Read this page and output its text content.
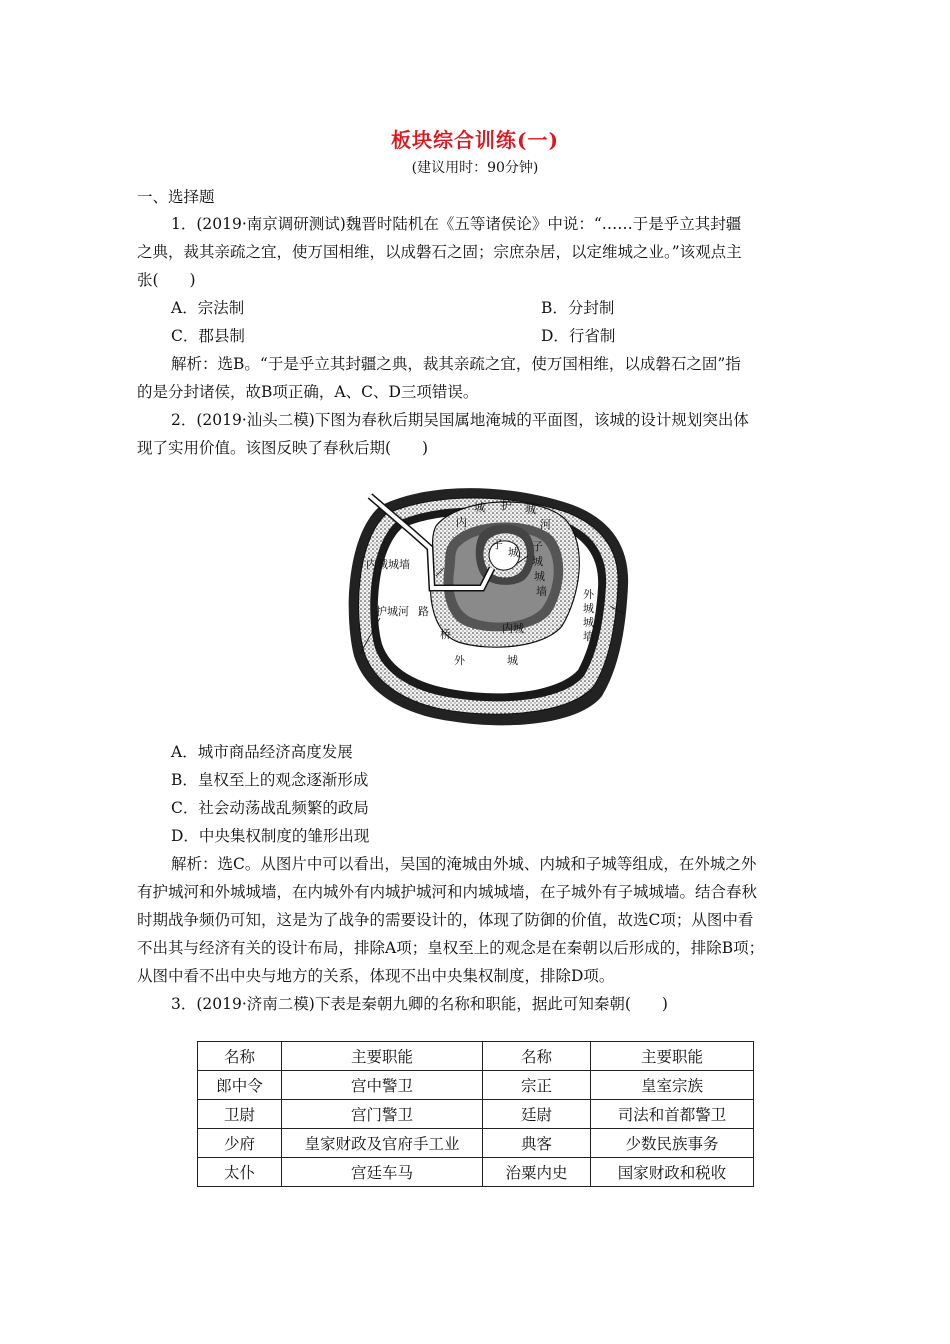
板块综合训练(一)
(建议用时：90分钟)
一、选择题
1．(2019·南京调研测试)魏晋时陆机在《五等诸侯论》中说：“……于是乎立其封疆
之典，裁其亲疏之宜，使万国相维，以成磐石之固；宗庶杂居，以定维城之业。”该观点主
张(　　)
A．宗法制	B．分封制
C．郡县制	D．行省制
解析：选B。“于是乎立其封疆之典，裁其亲疏之宜，使万国相维，以成磐石之固”指
的是分封诸侯，故B项正确，A、C、D三项错误。
2．(2019·汕头二模)下图为春秋后期吴国属地淹城的平面图，该城的设计规划突出体
现了实用价值。该图反映了春秋后期(　　)
城 护 城
河
内
子
城 子
城
城
墙
内城城墙
护城河 路
桥	内城
外
城
城
墙
外	城
A．城市商品经济高度发展
B．皇权至上的观念逐渐形成
C．社会动荡战乱频繁的政局
D．中央集权制度的雏形出现
解析：选C。从图片中可以看出，吴国的淹城由外城、内城和子城等组成，在外城之外
有护城河和外城城墙，在内城外有内城护城河和内城城墙，在子城外有子城城墙。结合春秋
时期战争频仍可知，这是为了战争的需要设计的，体现了防御的价值，故选C项；从图中看
不出其与经济有关的设计布局，排除A项；皇权至上的观念是在秦朝以后形成的，排除B项；
从图中看不出中央与地方的关系，体现不出中央集权制度，排除D项。
3．(2019·济南二模)下表是秦朝九卿的名称和职能，据此可知秦朝(　　)
名称	主要职能	名称	主要职能
郎中令	宫中警卫	宗正	皇室宗族
卫尉	宫门警卫	廷尉	司法和首都警卫
少府	皇家财政及官府手工业	典客	少数民族事务
太仆	宫廷车马	治粟内史	国家财政和税收
